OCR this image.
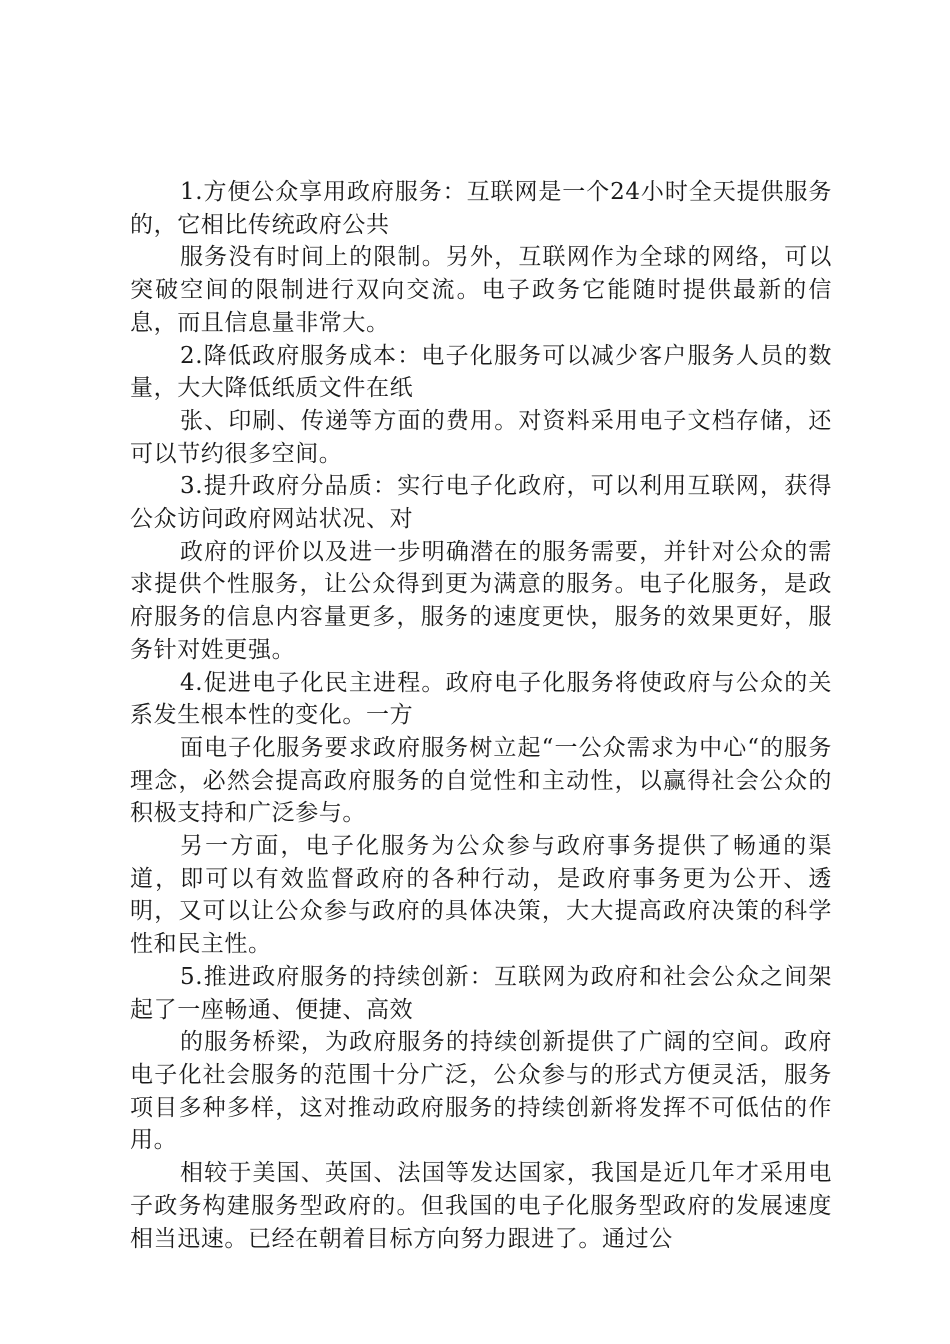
1.方便公众享用政府服务：互联网是一个24小时全天提供服务的，它相比传统政府公共

服务没有时间上的限制。另外，互联网作为全球的网络，可以突破空间的限制进行双向交流。电子政务它能随时提供最新的信息，而且信息量非常大。

2.降低政府服务成本：电子化服务可以减少客户服务人员的数量，大大降低纸质文件在纸

张、印刷、传递等方面的费用。对资料采用电子文档存储，还可以节约很多空间。

3.提升政府分品质：实行电子化政府，可以利用互联网，获得公众访问政府网站状况、对

政府的评价以及进一步明确潜在的服务需要，并针对公众的需求提供个性服务，让公众得到更为满意的服务。电子化服务，是政府服务的信息内容量更多，服务的速度更快，服务的效果更好，服务针对姓更强。

4.促进电子化民主进程。政府电子化服务将使政府与公众的关系发生根本性的变化。一方

面电子化服务要求政府服务树立起“一公众需求为中心“的服务理念，必然会提高政府服务的自觉性和主动性，以赢得社会公众的积极支持和广泛参与。

另一方面，电子化服务为公众参与政府事务提供了畅通的渠道，即可以有效监督政府的各种行动，是政府事务更为公开、透明，又可以让公众参与政府的具体决策，大大提高政府决策的科学性和民主性。

5.推进政府服务的持续创新：互联网为政府和社会公众之间架起了一座畅通、便捷、高效

的服务桥梁，为政府服务的持续创新提供了广阔的空间。政府电子化社会服务的范围十分广泛，公众参与的形式方便灵活，服务项目多种多样，这对推动政府服务的持续创新将发挥不可低估的作用。

相较于美国、英国、法国等发达国家，我国是近几年才采用电子政务构建服务型政府的。但我国的电子化服务型政府的发展速度相当迅速。已经在朝着目标方向努力跟进了。通过公
